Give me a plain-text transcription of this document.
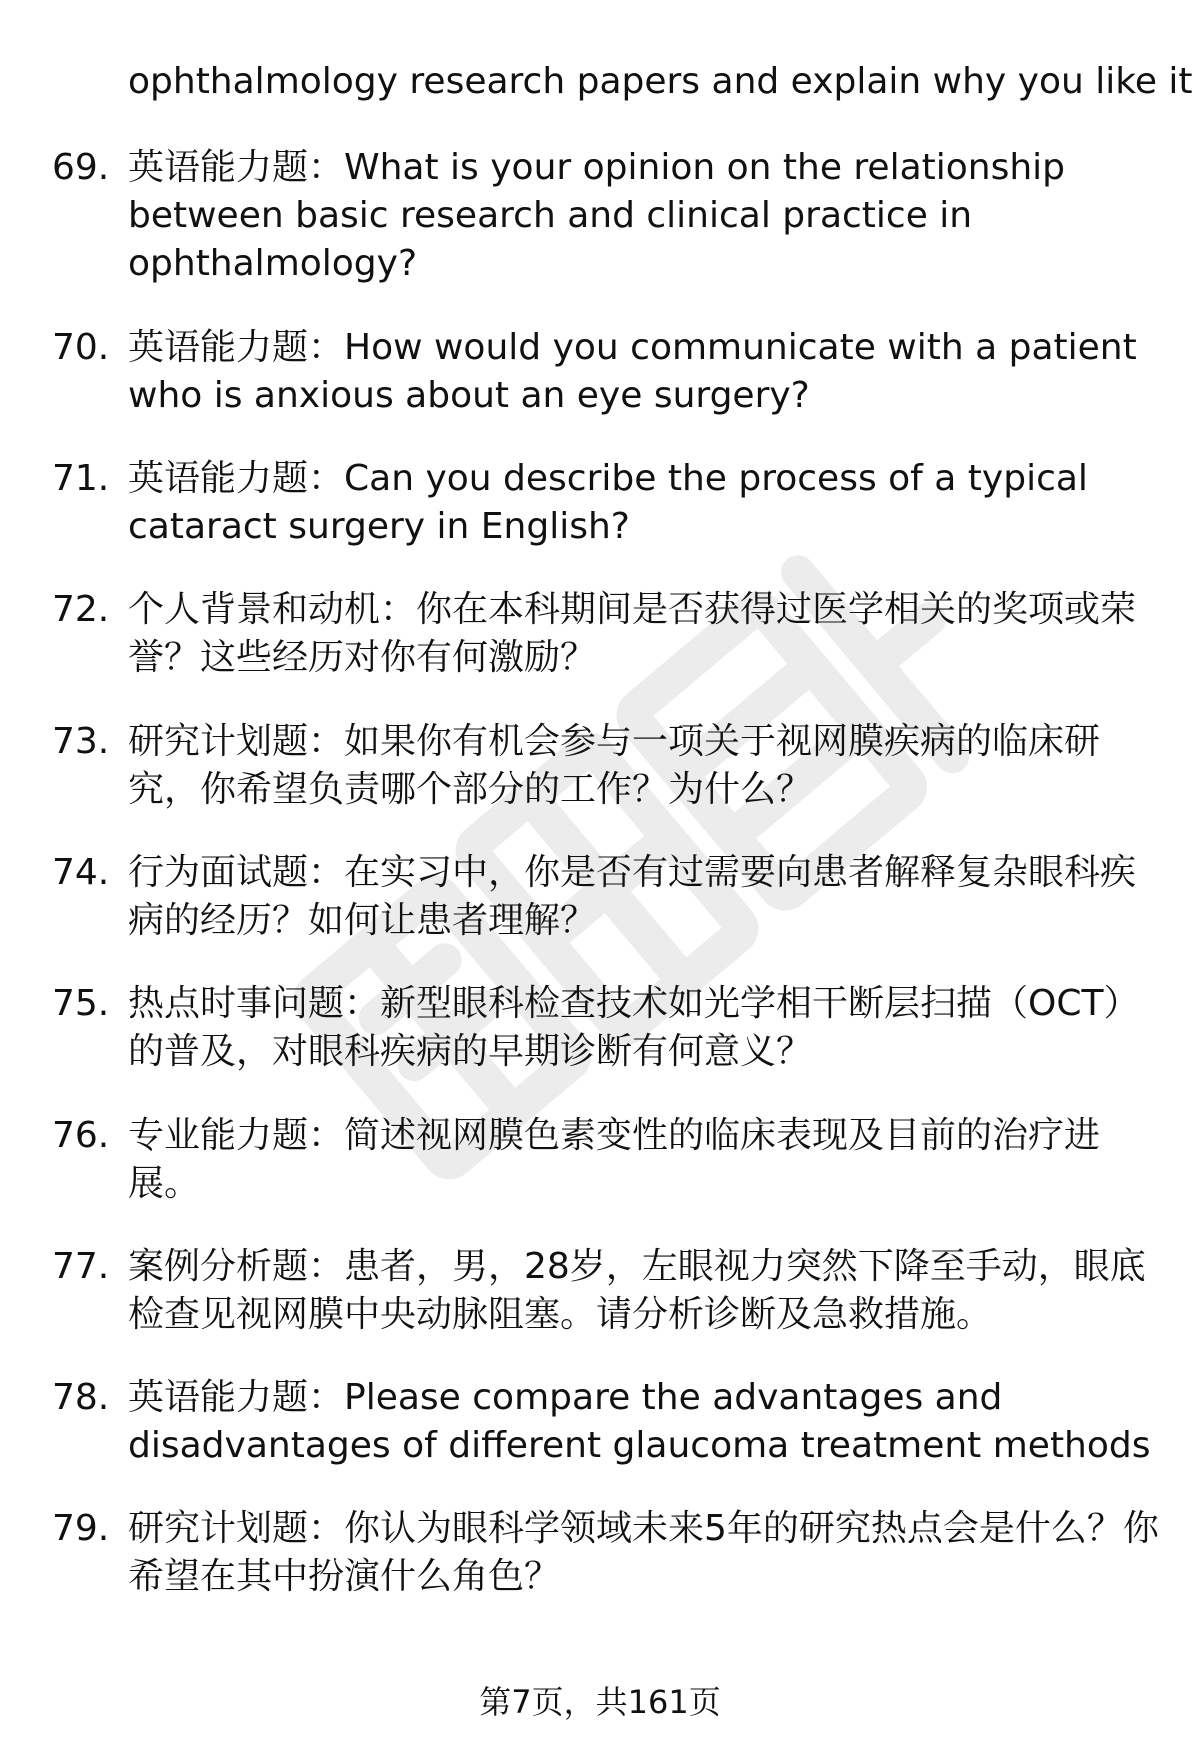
ophthalmology research papers and explain why you like it
69. 英语能力题：What is your opinion on the relationship
between basic research and clinical practice in
ophthalmology?
70. 英语能力题：How would you communicate with a patient
who is anxious about an eye surgery?
71. 英语能力题：Can you describe the process of a typical
cataract surgery in English?
72. 个人背景和动机：你在本科期间是否获得过医学相关的奖项或荣
誉？这些经历对你有何激励？
73. 研究计划题：如果你有机会参与一项关于视网膜疾病的临床研
究，你希望负责哪个部分的工作？为什么？
74. 行为面试题：在实习中，你是否有过需要向患者解释复杂眼科疾
病的经历？如何让患者理解？
75. 热点时事问题：新型眼科检查技术如光学相干断层扫描（OCT）
的普及，对眼科疾病的早期诊断有何意义？
76. 专业能力题：简述视网膜色素变性的临床表现及目前的治疗进
展。
77. 案例分析题：患者，男，28岁，左眼视力突然下降至手动，眼底
检查见视网膜中央动脉阻塞。请分析诊断及急救措施。
78. 英语能力题：Please compare the advantages and
disadvantages of different glaucoma treatment methods
79. 研究计划题：你认为眼科学领域未来5年的研究热点会是什么？你
希望在其中扮演什么角色？
第7页，共161页
